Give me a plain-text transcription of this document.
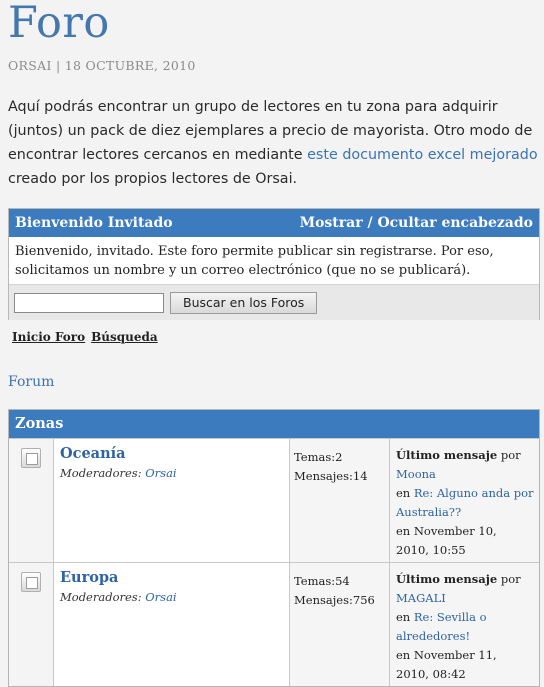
Foro
ORSAI | 18 OCTUBRE, 2010
Aquí podrás encontrar un grupo de lectores en tu zona para adquirir (juntos) un pack de diez ejemplares a precio de mayorista. Otro modo de encontrar lectores cercanos en mediante este documento excel mejorado creado por los propios lectores de Orsai.
Bienvenido Invitado	Mostrar / Ocultar encabezado
Bienvenido, invitado. Este foro permite publicar sin registrarse. Por eso, solicitamos un nombre y un correo electrónico (que no se publicará).
Buscar en los Foros
Inicio Foro Búsqueda
Forum
Zonas
Oceanía
Moderadores: Orsai
Temas:2
Mensajes:14
Último mensaje por
Moona
en Re: Alguno anda por Australia??
en November 10,
2010, 10:55
Europa
Moderadores: Orsai
Temas:54
Mensajes:756
Último mensaje por
MAGALI
en Re: Sevilla o alrededores!
en November 11,
2010, 08:42
